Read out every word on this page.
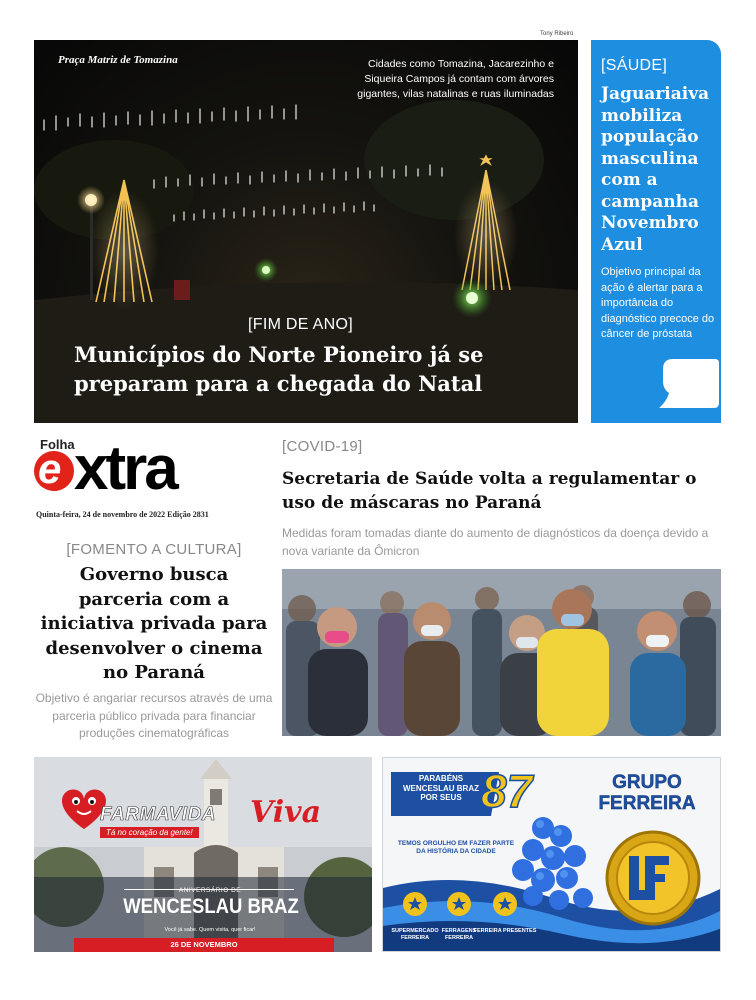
Tony Ribeiro
Praça Matriz de Tomazina	Cidades como Tomazina, Jacarezinho e Siqueira Campos já contam com árvores gigantes, vilas natalinas e ruas iluminadas
[FIM DE ANO]
Municípios do Norte Pioneiro já se preparam para a chegada do Natal
[SÁUDE]
Jaguariaiva mobiliza população masculina com a campanha Novembro Azul
Objetivo principal da ação é alertar para a importância do diagnóstico precoce do câncer de próstata
Folha
e xtra
Quinta-feira, 24 de novembro de 2022 Edição 2831
[FOMENTO A CULTURA]
Governo busca parceria com a iniciativa privada para desenvolver o cinema no Paraná
Objetivo é angariar recursos através de uma parceria público privada para financiar produções cinematográficas
[COVID-19]
Secretaria de Saúde volta a regulamentar o uso de máscaras no Paraná
Medidas foram tomadas diante do aumento de diagnósticos da doença devido a nova variante da Ômicron
FARMAVIDA
Tá no coração da gente!
Viva
ANIVERSÁRIO DE
WENCESLAU BRAZ
Você já sabe. Quem visita, quer ficar!
26 DE NOVEMBRO
PARABÉNS WENCESLAU BRAZ POR SEUS 87	GRUPO FERREIRA
TEMOS ORGULHO EM FAZER PARTE DA HISTÓRIA DA CIDADE
SUPERMERCADO FERREIRA
FERRAGENS FERREIRA
FERREIRA PRESENTES
